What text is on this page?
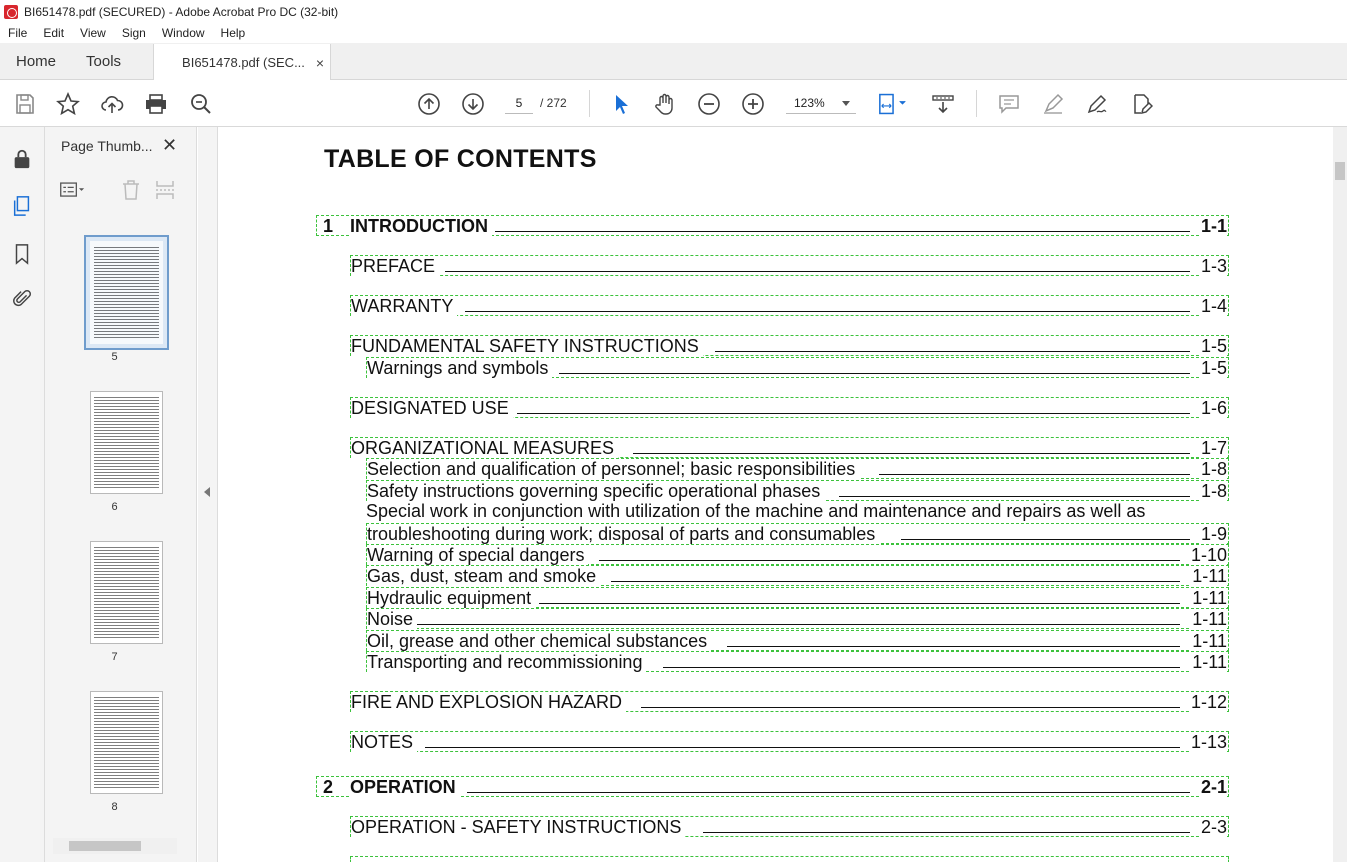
BI651478.pdf (SECURED) - Adobe Acrobat Pro DC (32-bit)
File	Edit	View	Sign	Window	Help
Home	Tools	BI651478.pdf (SEC... ×
5	/ 272	123%
Page Thumb... ✕
5
6
7
8
TABLE OF CONTENTS
1 INTRODUCTION	1-1
PREFACE	1-3
WARRANTY	1-4
FUNDAMENTAL SAFETY INSTRUCTIONS	1-5
Warnings and symbols	1-5
DESIGNATED USE	1-6
ORGANIZATIONAL MEASURES	1-7
Selection and qualification of personnel; basic responsibilities	1-8
Safety instructions governing specific operational phases	1-8
Special work in conjunction with utilization of the machine and maintenance and repairs as well as
troubleshooting during work; disposal of parts and consumables	1-9
Warning of special dangers	1-10
Gas, dust, steam and smoke	1-11
Hydraulic equipment	1-11
Noise	1-11
Oil, grease and other chemical substances	1-11
Transporting and recommissioning	1-11
FIRE AND EXPLOSION HAZARD	1-12
NOTES	1-13
2 OPERATION	2-1
OPERATION - SAFETY INSTRUCTIONS	2-3
